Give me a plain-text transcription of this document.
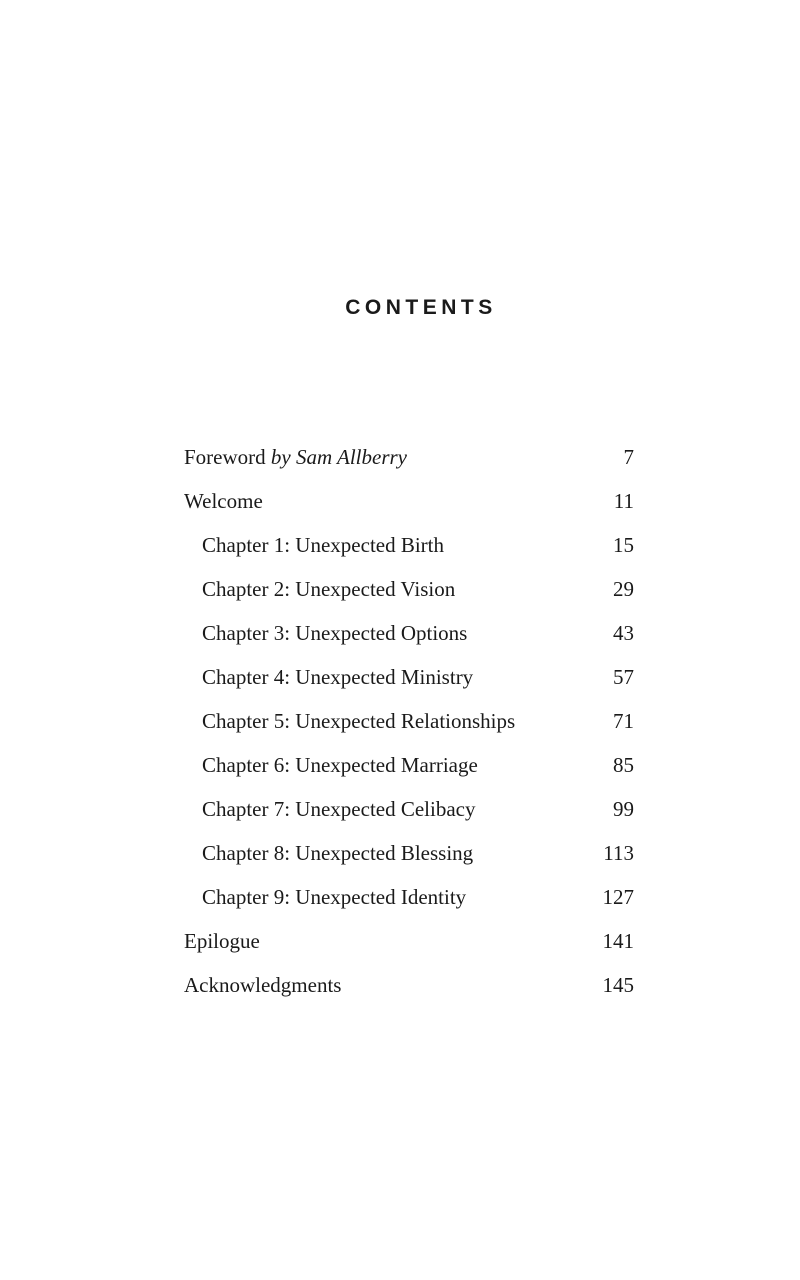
CONTENTS
Foreword by Sam Allberry	7
Welcome	11
Chapter 1: Unexpected Birth	15
Chapter 2: Unexpected Vision	29
Chapter 3: Unexpected Options	43
Chapter 4: Unexpected Ministry	57
Chapter 5: Unexpected Relationships	71
Chapter 6: Unexpected Marriage	85
Chapter 7: Unexpected Celibacy	99
Chapter 8: Unexpected Blessing	113
Chapter 9: Unexpected Identity	127
Epilogue	141
Acknowledgments	145
